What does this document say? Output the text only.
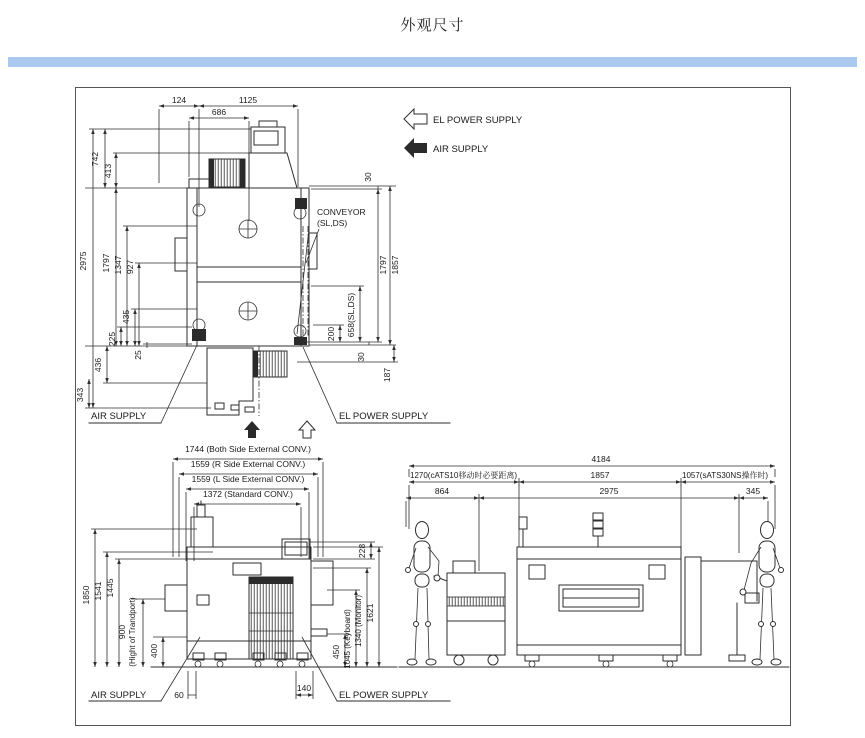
外观尺寸
CONVEYOR
(SL,DS)
124	1125
686
742
413
2975 1797 1347 927
435
225
25
436
343
30
1797 1857
658(SL,DS)
200
30
187
AIR SUPPLY	EL POWER SUPPLY
EL POWER SUPPLY
AIR SUPPLY
1744 (Both Side External CONV.)
1559 (R Side External CONV.)
1559 (L Side External CONV.)
1372 (Standard CONV.)
1850 1541 1445
900 (Hight of Trandport) 400
228
1621
1340 (Monitor)
1045 (Keyboard)
450
60
140
AIR SUPPLY	EL POWER SUPPLY
4184
1270(cATS10移动时必要距离)	1857	1057(sATS30NS操作时)
864	2975	345
